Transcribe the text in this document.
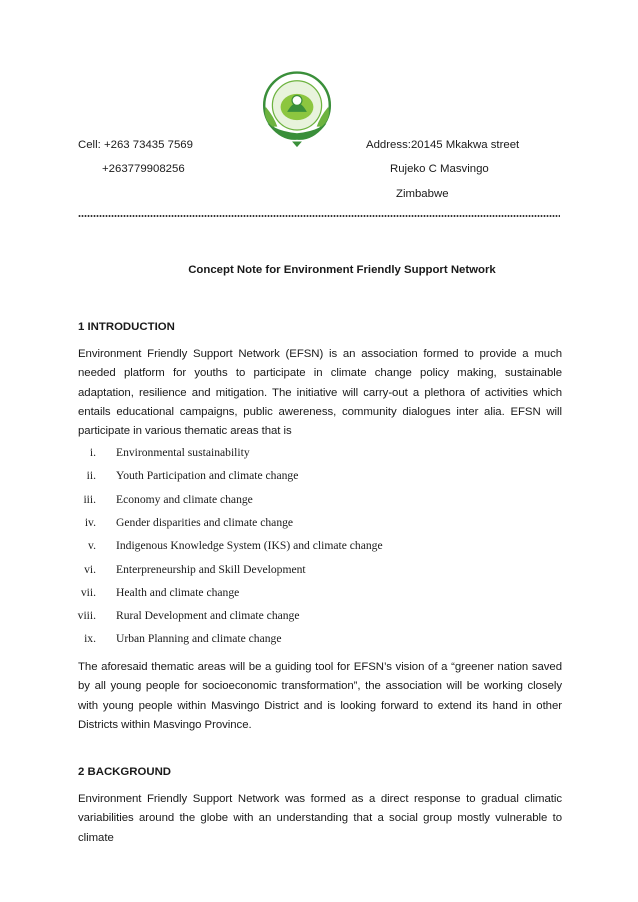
Cell: +263 73435 7569
+263779908256
Address:20145 Mkakwa street
Rujeko C Masvingo
Zimbabwe
Concept Note for Environment Friendly Support Network
1 INTRODUCTION
Environment Friendly Support Network (EFSN) is an association formed to provide a much needed platform for youths to participate in climate change policy making, sustainable adaptation, resilience and mitigation. The initiative will carry-out a plethora of activities which entails educational campaigns, public awereness, community dialogues inter alia. EFSN will participate in various thematic areas that is
i. Environmental sustainability
ii. Youth Participation and climate change
iii. Economy and climate change
iv. Gender disparities and climate change
v. Indigenous Knowledge System (IKS) and climate change
vi. Enterpreneurship and Skill Development
vii. Health and climate change
viii. Rural Development and climate change
ix. Urban Planning and climate change
The aforesaid thematic areas will be a guiding tool for EFSN’s vision of a “greener nation saved by all young people for socioeconomic transformation”, the association will be working closely with young people within Masvingo District and is looking forward to extend its hand in other Districts within Masvingo Province.
2 BACKGROUND
Environment Friendly Support Network was formed as a direct response to gradual climatic variabilities around the globe with an understanding that a social group mostly vulnerable to climate
